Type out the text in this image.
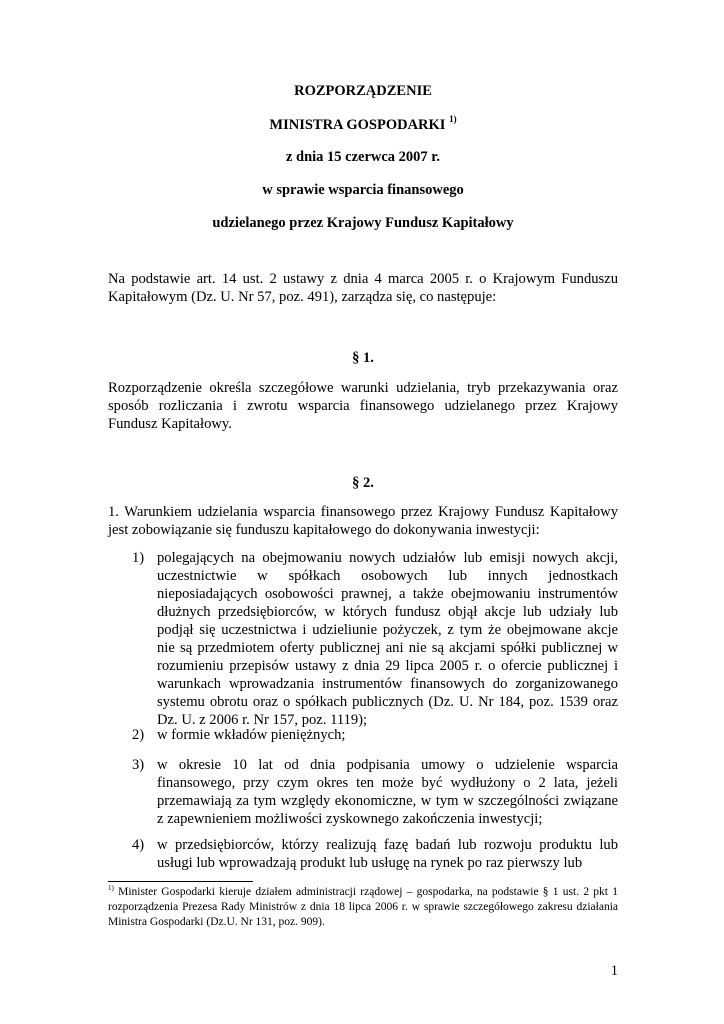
ROZPORZĄDZENIE
MINISTRA GOSPODARKI $^{1)}$
z dnia 15 czerwca 2007 r.
w sprawie wsparcia finansowego
udzielanego przez Krajowy Fundusz Kapitałowy
Na podstawie art. 14 ust. 2 ustawy z dnia 4 marca 2005 r. o Krajowym Funduszu Kapitałowym (Dz. U. Nr 57, poz. 491), zarządza się, co następuje:
§ 1.
Rozporządzenie określa szczegółowe warunki udzielania, tryb przekazywania oraz sposób rozliczania i zwrotu wsparcia finansowego udzielanego przez Krajowy Fundusz Kapitałowy.
§ 2.
1. Warunkiem udzielania wsparcia finansowego przez Krajowy Fundusz Kapitałowy jest zobowiązanie się funduszu kapitałowego do dokonywania inwestycji:
1) polegających na obejmowaniu nowych udziałów lub emisji nowych akcji, uczestnictwie w spółkach osobowych lub innych jednostkach nieposiadających osobowości prawnej, a także obejmowaniu instrumentów dłużnych przedsiębiorców, w których fundusz objął akcje lub udziały lub podjął się uczestnictwa i udzieliunie pożyczek, z tym że obejmowane akcje nie są przedmiotem oferty publicznej ani nie są akcjami spółki publicznej w rozumieniu przepisów ustawy z dnia 29 lipca 2005 r. o ofercie publicznej i warunkach wprowadzania instrumentów finansowych do zorganizowanego systemu obrotu oraz o spółkach publicznych (Dz. U. Nr 184, poz. 1539 oraz Dz. U. z 2006 r. Nr 157, poz. 1119);
2) w formie wkładów pieniężnych;
3) w okresie 10 lat od dnia podpisania umowy o udzielenie wsparcia finansowego, przy czym okres ten może być wydłużony o 2 lata, jeżeli przemawiają za tym względy ekonomiczne, w tym w szczególności związane z zapewnieniem możliwości zyskownego zakończenia inwestycji;
4) w przedsiębiorców, którzy realizują fazę badań lub rozwoju produktu lub usługi lub wprowadzają produkt lub usługę na rynek po raz pierwszy lub
$^{1)}$ Minister Gospodarki kieruje działem administracji rządowej – gospodarka, na podstawie § 1 ust. 2 pkt 1 rozporządzenia Prezesa Rady Ministrów z dnia 18 lipca 2006 r. w sprawie szczegółowego zakresu działania Ministra Gospodarki (Dz.U. Nr 131, poz. 909).
1
